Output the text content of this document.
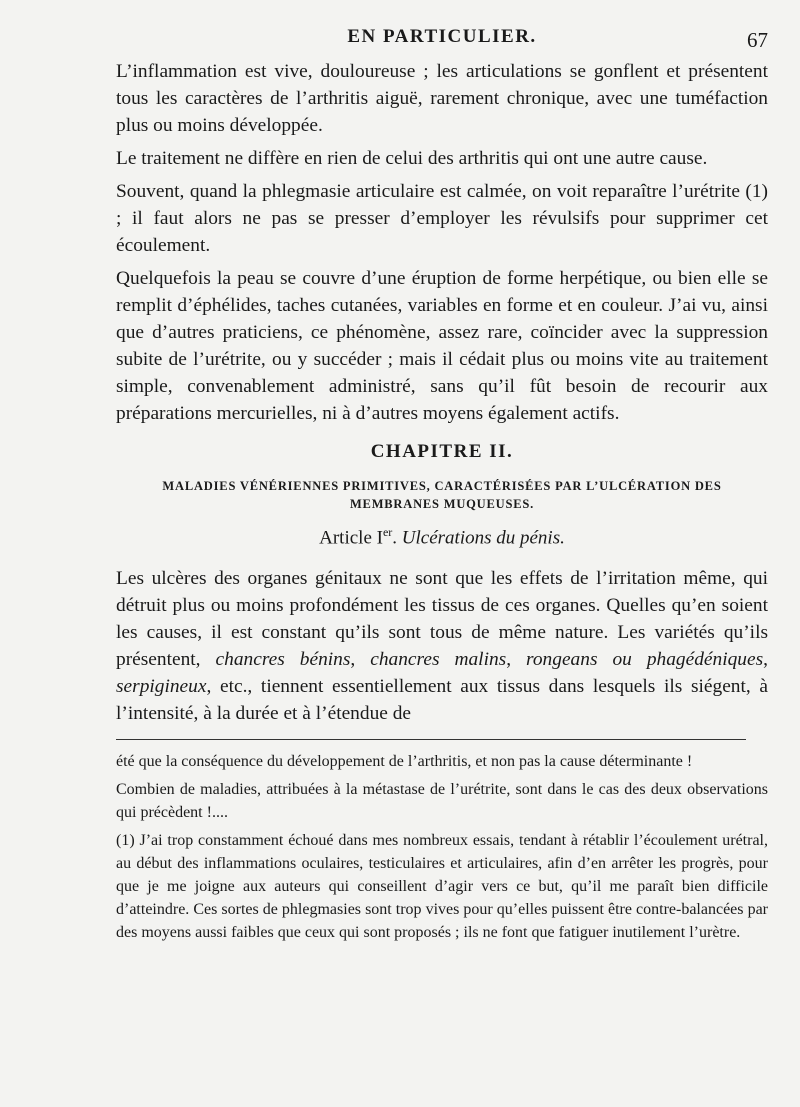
EN PARTICULIER.	67

L’inflammation est vive, douloureuse ; les articulations se gonflent et présentent tous les caractères de l’arthritis aiguë, rarement chronique, avec une tuméfaction plus ou moins développée.

Le traitement ne diffère en rien de celui des arthritis qui ont une autre cause.

Souvent, quand la phlegmasie articulaire est calmée, on voit reparaître l’urétrite (1) ; il faut alors ne pas se presser d’employer les révulsifs pour supprimer cet écoulement.

Quelquefois la peau se couvre d’une éruption de forme herpétique, ou bien elle se remplit d’éphélides, taches cutanées, variables en forme et en couleur. J’ai vu, ainsi que d’autres praticiens, ce phénomène, assez rare, coïncider avec la suppression subite de l’urétrite, ou y succéder ; mais il cédait plus ou moins vite au traitement simple, convenablement administré, sans qu’il fût besoin de recourir aux préparations mercurielles, ni à d’autres moyens également actifs.

CHAPITRE II.
MALADIES VÉNÉRIENNES PRIMITIVES, CARACTÉRISÉES PAR L’ULCÉRATION DES MEMBRANES MUQUEUSES.
Article Ier. Ulcérations du pénis.

Les ulcères des organes génitaux ne sont que les effets de l’irritation même, qui détruit plus ou moins profondément les tissus de ces organes. Quelles qu’en soient les causes, il est constant qu’ils sont tous de même nature. Les variétés qu’ils présentent, chancres bénins, chancres malins, rongeans ou phagédéniques, serpigineux, etc., tiennent essentiellement aux tissus dans lesquels ils siégent, à l’intensité, à la durée et à l’étendue de

été que la conséquence du développement de l’arthritis, et non pas la cause déterminante !

Combien de maladies, attribuées à la métastase de l’urétrite, sont dans le cas des deux observations qui précèdent !....

(1) J’ai trop constamment échoué dans mes nombreux essais, tendant à rétablir l’écoulement urétral, au début des inflammations oculaires, testiculaires et articulaires, afin d’en arrêter les progrès, pour que je me joigne aux auteurs qui conseillent d’agir vers ce but, qu’il me paraît bien difficile d’atteindre. Ces sortes de phlegmasies sont trop vives pour qu’elles puissent être contre-balancées par des moyens aussi faibles que ceux qui sont proposés ; ils ne font que fatiguer inutilement l’urètre.
